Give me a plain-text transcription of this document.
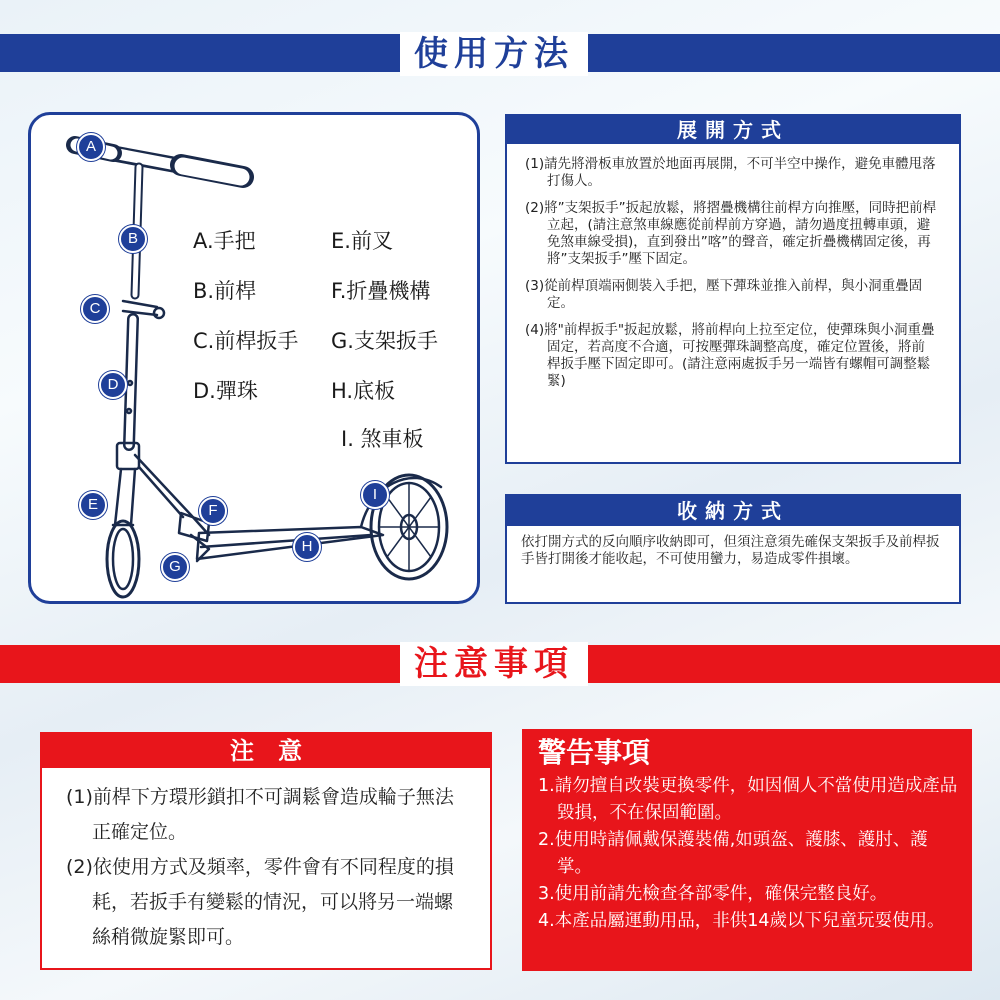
使用方法
A
B
C
D
E	F
G
H
I
A.手把
B.前桿
C.前桿扳手
D.彈珠
E.前叉
F.折疊機構
G.支架扳手
H.底板
I. 煞車板
展開方式
(1)請先將滑板車放置於地面再展開，不可半空中操作，避免車體甩落打傷人。
(2)將”支架扳手”扳起放鬆，將摺疊機構往前桿方向推壓，同時把前桿立起，(請注意煞車線應從前桿前方穿過，請勿過度扭轉車頭，避免煞車線受損)，直到發出”喀”的聲音，確定折疊機構固定後，再將”支架扳手”壓下固定。
(3)從前桿頂端兩側裝入手把，壓下彈珠並推入前桿，與小洞重疊固定。
(4)將"前桿扳手"扳起放鬆，將前桿向上拉至定位，使彈珠與小洞重疊固定，若高度不合適，可按壓彈珠調整高度，確定位置後，將前桿扳手壓下固定即可。(請注意兩處扳手另一端皆有螺帽可調整鬆緊)
收納方式
依打開方式的反向順序收納即可，但須注意須先確保支架扳手及前桿扳手皆打開後才能收起，不可使用蠻力，易造成零件損壞。
注意事項
注　意
(1)前桿下方環形鎖扣不可調鬆會造成輪子無法正確定位。
(2)依使用方式及頻率，零件會有不同程度的損耗，若扳手有變鬆的情況，可以將另一端螺絲稍微旋緊即可。
警告事項
1.請勿擅自改裝更換零件，如因個人不當使用造成產品毀損，不在保固範圍。
2.使用時請佩戴保護裝備,如頭盔、護膝、護肘、護掌。
3.使用前請先檢查各部零件，確保完整良好。
4.本產品屬運動用品，非供14歲以下兒童玩耍使用。
